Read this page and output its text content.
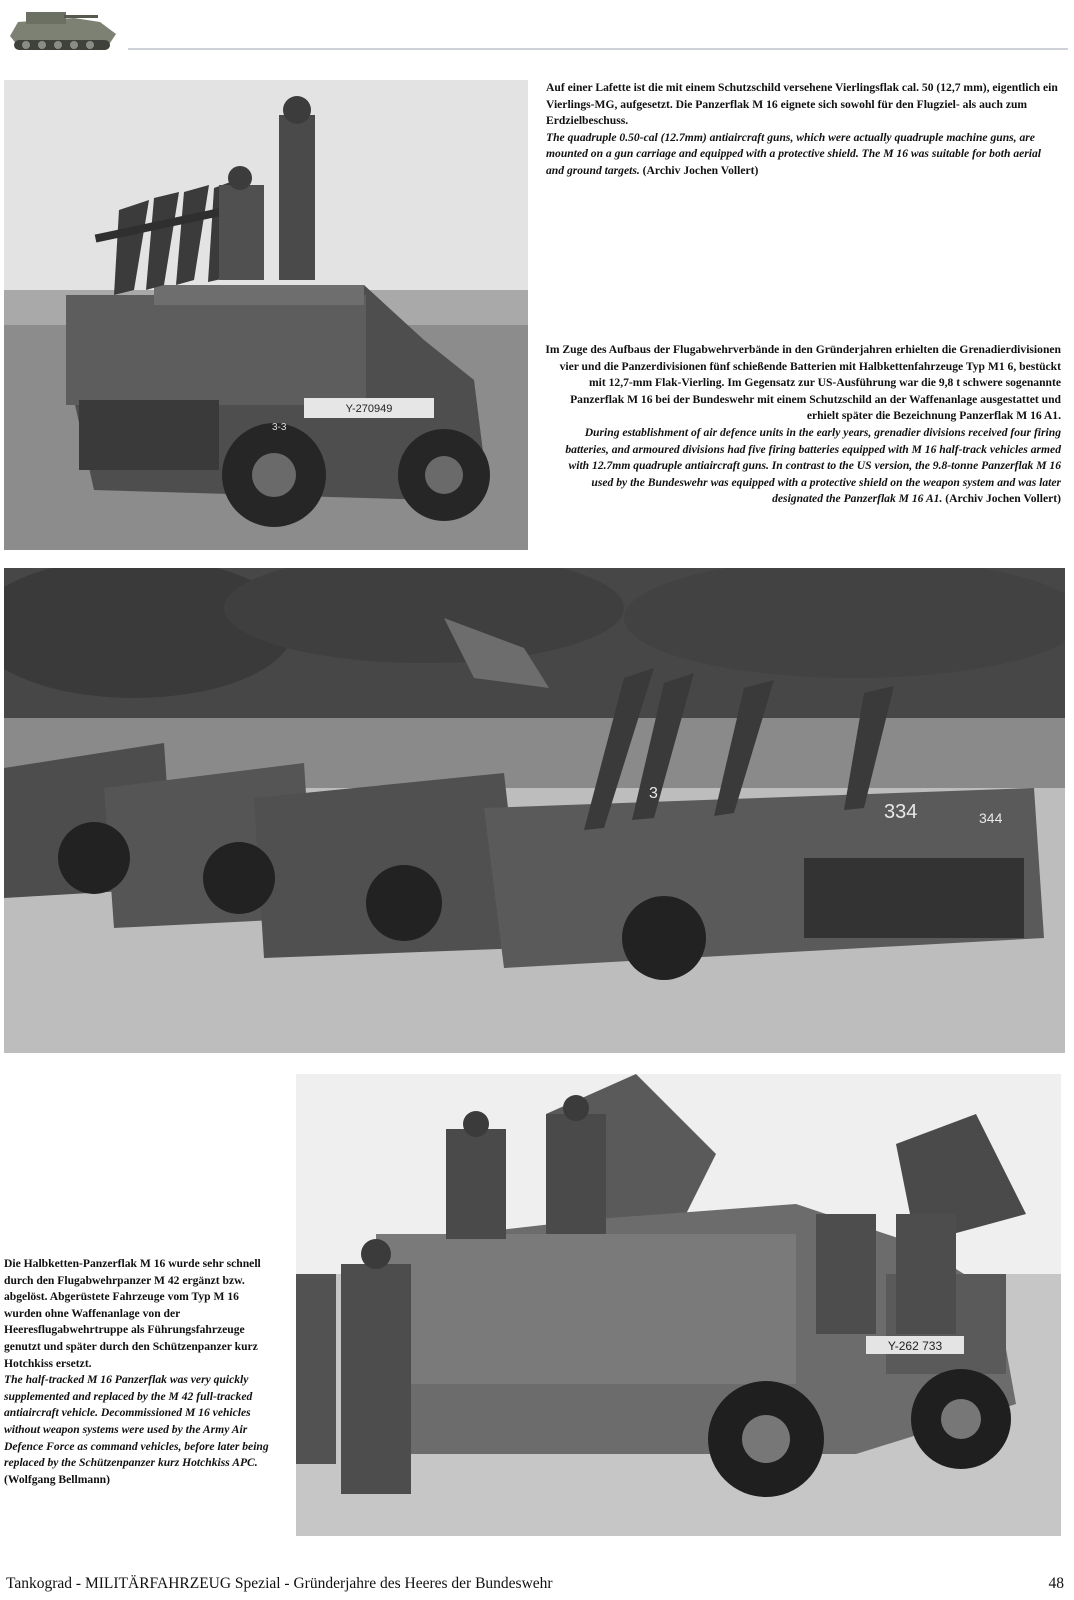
Y-270949
3-3
Auf einer Lafette ist die mit einem Schutzschild versehene Vierlingsflak cal. 50 (12,7 mm), eigentlich ein Vierlings-MG, aufgesetzt. Die Panzerflak M 16 eignete sich sowohl für den Flugziel- als auch zum Erdzielbeschuss.
The quadruple 0.50-cal (12.7mm) antiaircraft guns, which were actually quadruple machine guns, are mounted on a gun carriage and equipped with a protective shield. The M 16 was suitable for both aerial and ground targets. (Archiv Jochen Vollert)
Im Zuge des Aufbaus der Flugabwehrverbände in den Gründerjahren erhielten die Grenadierdivisionen vier und die Panzerdivisionen fünf schießende Batterien mit Halbkettenfahrzeuge Typ M1 6, bestückt mit 12,7-mm Flak-Vierling. Im Gegensatz zur US-Ausführung war die 9,8 t schwere sogenannte Panzerflak M 16 bei der Bundeswehr mit einem Schutzschild an der Waffenanlage ausgestattet und erhielt später die Bezeichnung Panzerflak M 16 A1.
During establishment of air defence units in the early years, grenadier divisions received four firing batteries, and armoured divisions had five firing batteries equipped with M 16 half-track vehicles armed with 12.7mm quadruple antiaircraft guns. In contrast to the US version, the 9.8-tonne Panzerflak M 16 used by the Bundeswehr was equipped with a protective shield on the weapon system and was later designated the Panzerflak M 16 A1. (Archiv Jochen Vollert)
334	344
3
Y-262 733
Die Halbketten-Panzerflak M 16 wurde sehr schnell durch den Flugabwehrpanzer M 42 ergänzt bzw. abgelöst. Abgerüstete Fahrzeuge vom Typ M 16 wurden ohne Waffenanlage von der Heeresflugabwehrtruppe als Führungsfahrzeuge genutzt und später durch den Schützenpanzer kurz Hotchkiss ersetzt.
The half-tracked M 16 Panzerflak was very quickly supplemented and replaced by the M 42 full-tracked antiaircraft vehicle. Decommissioned M 16 vehicles without weapon systems were used by the Army Air Defence Force as command vehicles, before later being replaced by the Schützenpanzer kurz Hotchkiss APC. (Wolfgang Bellmann)
Tankograd - MILITÄRFAHRZEUG Spezial - Gründerjahre des Heeres der Bundeswehr	48
